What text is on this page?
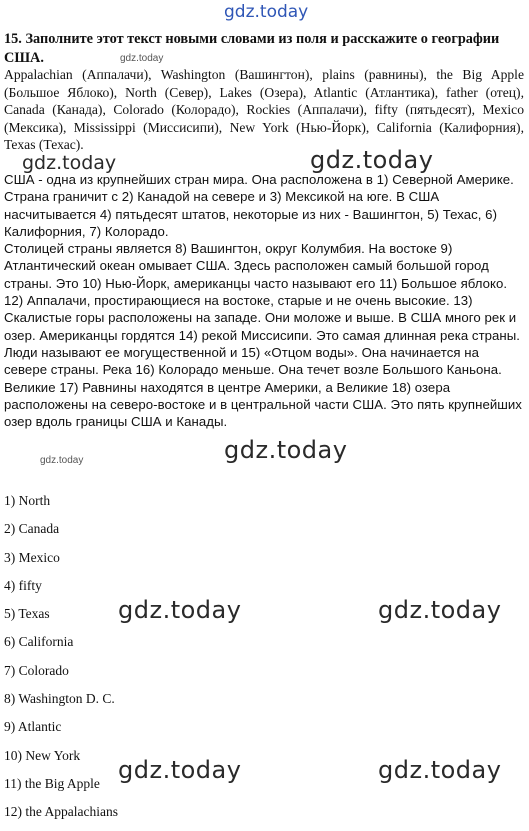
gdz.today
15. Заполните этот текст новыми словами из поля и расскажите о географии США.	gdz.today
Appalachian (Аппалачи), Washington (Вашингтон), plains (равнины), the Big Apple (Большое Яблоко), North (Север), Lakes (Озера), Atlantic (Атлантика), father (отец), Canada (Канада), Colorado (Колорадо), Rockies (Аппалачи), fifty (пятьдесят), Mexico (Мексика), Mississippi (Миссисипи), New York (Нью-Йорк), California (Калифорния), Texas (Техас).
gdz.today	gdz.today

США - одна из крупнейших стран мира. Она расположена в 1) Северной Америке. Страна граничит с 2) Канадой на севере и 3) Мексикой на юге. В США насчитывается 4) пятьдесят штатов, некоторые из них - Вашингтон, 5) Техас, 6) Калифорния, 7) Колорадо.

Столицей страны является 8) Вашингтон, округ Колумбия. На востоке 9) Атлантический океан омывает США. Здесь расположен самый большой город страны. Это 10) Нью-Йорк, американцы часто называют его 11) Большое яблоко. 12) Аппалачи, простирающиеся на востоке, старые и не очень высокие. 13) Скалистые горы расположены на западе. Они моложе и выше. В США много рек и озер. Американцы гордятся 14) рекой Миссисипи. Это самая длинная река страны. Люди называют ее могущественной и 15) «Отцом воды». Она начинается на севере страны. Река 16) Колорадо меньше. Она течет возле Большого Каньона. Великие 17) Равнины находятся в центре Америки, а Великие 18) озера расположены на северо-востоке и в центральной части США. Это пять крупнейших озер вдоль границы США и Канады.

gdz.today	gdz.today
1) North
2) Canada
3) Mexico
4) fifty
5) Texas
6) California
7) Colorado
8) Washington D. C.
9) Atlantic
10) New York
11) the Big Apple
12) the Appalachians
gdz.today	gdz.today
gdz.today	gdz.today
